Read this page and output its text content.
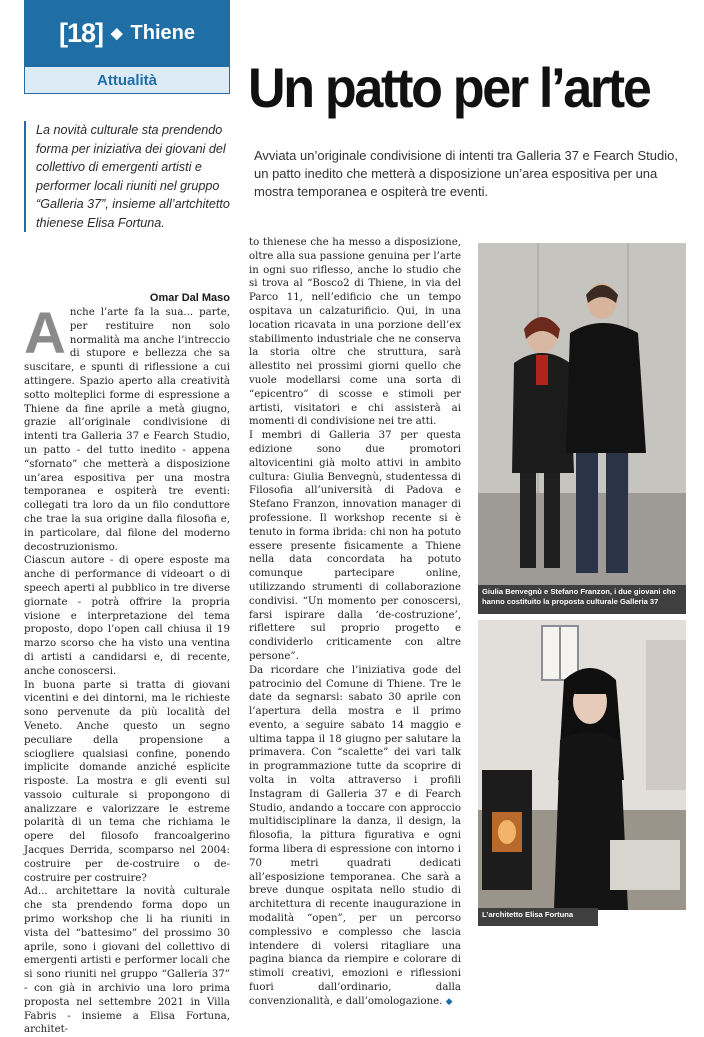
[18] ◆ Thiene
Attualità	Un patto per l’arte
Avviata un’originale condivisione di intenti tra Galleria 37 e Fearch Studio, un patto inedito che metterà a disposizione un’area espositiva per una mostra temporanea e ospiterà tre eventi.
La novità culturale sta prendendo forma per iniziativa dei giovani del collettivo di emergenti artisti e performer locali riuniti nel gruppo “Galleria 37”, insieme all’artchitetto thienese Elisa Fortuna.

Anche l’arte fa la sua... parte, per restituire non solo normalità ma anche l’intreccio di stupore e bellezza che sa suscitare, e spunti di riflessione a cui attingere. Spazio aperto alla creatività sotto molteplici forme di espressione a Thiene da fine aprile a metà giugno, grazie all’originale condivisione di intenti tra Galleria 37 e Fearch Studio, un patto - del tutto inedito - appena “sfornato” che metterà a disposizione un’area espositiva per una mostra temporanea e ospiterà tre eventi: collegati tra loro da un filo conduttore che trae la sua origine dalla filosofia e, in particolare, dal filone del moderno decostruzionismo.

Ciascun autore - di opere esposte ma anche di performance di videoart o di speech aperti al pubblico in tre diverse giornate - potrà offrire la propria visione e interpretazione del tema proposto, dopo l’open call chiusa il 19 marzo scorso che ha visto una ventina di artisti a candidarsi e, di recente, anche conoscersi.

In buona parte si tratta di giovani vicentini e dei dintorni, ma le richieste sono pervenute da più località del Veneto. Anche questo un segno peculiare della propensione a sciogliere qualsiasi confine, ponendo implicite domande anziché esplicite risposte. La mostra e gli eventi sul vassoio culturale si propongono di analizzare e valorizzare le estreme polarità di un tema che richiama le opere del filosofo francoalgerino Jacques Derrida, scomparso nel 2004: costruire per de-costruire o de-costruire per costruire?

Ad... architettare la novità culturale che sta prendendo forma dopo un primo workshop che li ha riuniti in vista del “battesimo” del prossimo 30 aprile, sono i giovani del collettivo di emergenti artisti e performer locali che si sono riuniti nel gruppo “Galleria 37” - con già in archivio una loro prima proposta nel settembre 2021 in Villa Fabris - insieme a Elisa Fortuna, architet-

Omar Dal Maso

to thienese che ha messo a disposizione, oltre alla sua passione genuina per l’arte in ogni suo riflesso, anche lo studio che si trova al “Bosco2 di Thiene, in via del Parco 11, nell’edificio che un tempo ospitava un calzaturificio. Qui, in una location ricavata in una porzione dell’ex stabilimento industriale che ne conserva la storia oltre che struttura, sarà allestito nei prossimi giorni quello che vuole modellarsi come una sorta di “epicentro” di scosse e stimoli per artisti, visitatori e chi assisterà ai momenti di condivisione nei tre atti.

I membri di Galleria 37 per questa edizione sono due promotori altovicentini già molto attivi in ambito cultura: Giulia Benvegnù, studentessa di Filosofia all’università di Padova e Stefano Franzon, innovation manager di professione. Il workshop recente si è tenuto in forma ibrida: chi non ha potuto essere presente fisicamente a Thiene nella data concordata ha potuto comunque partecipare online, utilizzando strumenti di collaborazione condivisi. “Un momento per conoscersi, farsi ispirare dalla ‘de-costruzione’, riflettere sul proprio progetto e condividerlo criticamente con altre persone”.

Da ricordare che l’iniziativa gode del patrocinio del Comune di Thiene. Tre le date da segnarsi: sabato 30 aprile con l’apertura della mostra e il primo evento, a seguire sabato 14 maggio e ultima tappa il 18 giugno per salutare la primavera. Con “scalette” dei vari talk in programmazione tutte da scoprire di volta in volta attraverso i profili Instagram di Galleria 37 e di Fearch Studio, andando a toccare con approccio multidisciplinare la danza, il design, la filosofia, la pittura figurativa e ogni forma libera di espressione con intorno i 70 metri quadrati dedicati all’esposizione temporanea. Che sarà a breve dunque ospitata nello studio di architettura di recente inaugurazione in modalità “open”, per un percorso complessivo e complesso che lascia intendere di volersi ritagliare una pagina bianca da riempire e colorare di stimoli creativi, emozioni e riflessioni fuori dall’ordinario, dalla convenzionalità, e dall’omologazione. ◆

Giulia Benvegnù e Stefano Franzon, i due giovani che hanno costituito la proposta culturale Galleria 37
L’architetto Elisa Fortuna
